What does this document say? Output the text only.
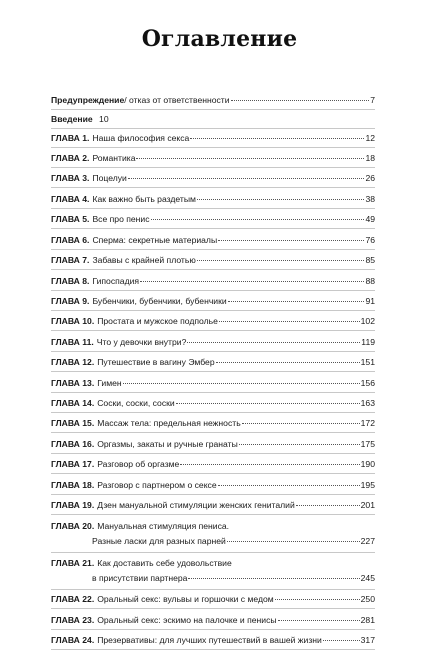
Оглавление
Предупреждение / отказ от ответственности	7
Введение 10
ГЛАВА 1. Наша философия секса	12
ГЛАВА 2. Романтика	18
ГЛАВА 3. Поцелуи	26
ГЛАВА 4. Как важно быть раздетым	38
ГЛАВА 5. Все про пенис	49
ГЛАВА 6. Сперма: секретные материалы	76
ГЛАВА 7. Забавы с крайней плотью	85
ГЛАВА 8. Гипоспадия	88
ГЛАВА 9. Бубенчики, бубенчики, бубенчики	91
ГЛАВА 10. Простата и мужское подполье	102
ГЛАВА 11. Что у девочки внутри?	119
ГЛАВА 12. Путешествие в вагину Эмбер	151
ГЛАВА 13. Гимен	156
ГЛАВА 14. Соски, соски, соски	163
ГЛАВА 15. Массаж тела: предельная нежность	172
ГЛАВА 16. Оргазмы, закаты и ручные гранаты	175
ГЛАВА 17. Разговор об оргазме	190
ГЛАВА 18. Разговор с партнером о сексе	195
ГЛАВА 19. Дзен мануальной стимуляции женских гениталий	201
ГЛАВА 20. Мануальная стимуляция пениса.
Разные ласки для разных парней	227
ГЛАВА 21. Как доставить себе удовольствие
в присутствии партнера	245
ГЛАВА 22. Оральный секс: вульвы и горшочки с медом	250
ГЛАВА 23. Оральный секс: эскимо на палочке и пенисы	281
ГЛАВА 24. Презервативы: для лучших путешествий в вашей жизни	317
